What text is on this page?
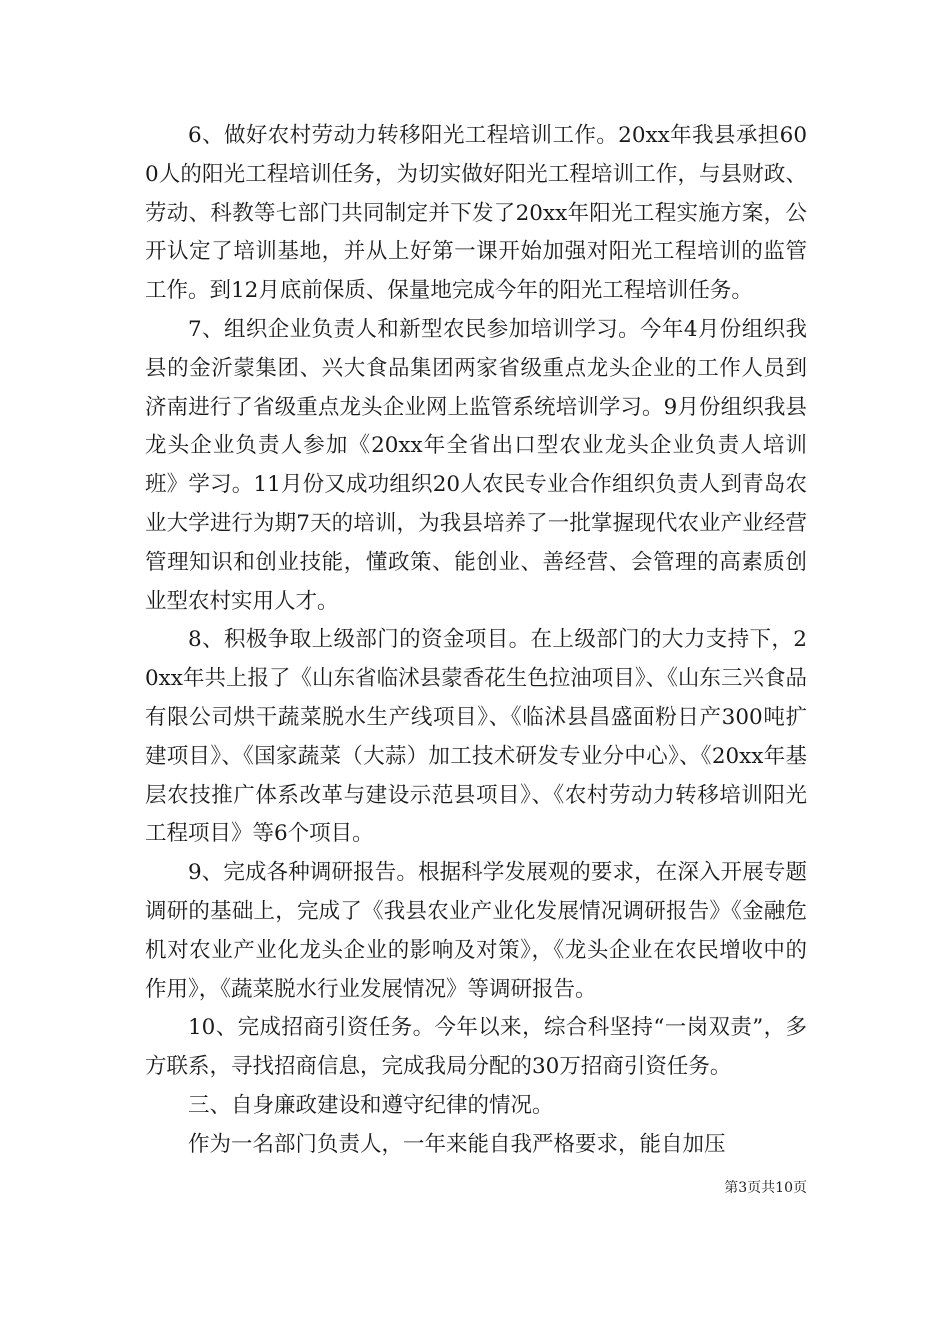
6、做好农村劳动力转移阳光工程培训工作。20xx年我县承担600人的阳光工程培训任务，为切实做好阳光工程培训工作，与县财政、劳动、科教等七部门共同制定并下发了20xx年阳光工程实施方案，公开认定了培训基地，并从上好第一课开始加强对阳光工程培训的监管工作。到12月底前保质、保量地完成今年的阳光工程培训任务。

7、组织企业负责人和新型农民参加培训学习。今年4月份组织我县的金沂蒙集团、兴大食品集团两家省级重点龙头企业的工作人员到济南进行了省级重点龙头企业网上监管系统培训学习。9月份组织我县龙头企业负责人参加《20xx年全省出口型农业龙头企业负责人培训班》学习。11月份又成功组织20人农民专业合作组织负责人到青岛农业大学进行为期7天的培训，为我县培养了一批掌握现代农业产业经营管理知识和创业技能，懂政策、能创业、善经营、会管理的高素质创业型农村实用人才。

8、积极争取上级部门的资金项目。在上级部门的大力支持下，20xx年共上报了《山东省临沭县蒙香花生色拉油项目》、《山东三兴食品有限公司烘干蔬菜脱水生产线项目》、《临沭县昌盛面粉日产300吨扩建项目》、《国家蔬菜（大蒜）加工技术研发专业分中心》、《20xx年基层农技推广体系改革与建设示范县项目》、《农村劳动力转移培训阳光工程项目》等6个项目。

9、完成各种调研报告。根据科学发展观的要求，在深入开展专题调研的基础上，完成了《我县农业产业化发展情况调研报告》《金融危机对农业产业化龙头企业的影响及对策》，《龙头企业在农民增收中的作用》，《蔬菜脱水行业发展情况》等调研报告。

10、完成招商引资任务。今年以来，综合科坚持“一岗双责”，多方联系，寻找招商信息，完成我局分配的30万招商引资任务。

三、自身廉政建设和遵守纪律的情况。

作为一名部门负责人，一年来能自我严格要求，能自加压

第3页共10页
